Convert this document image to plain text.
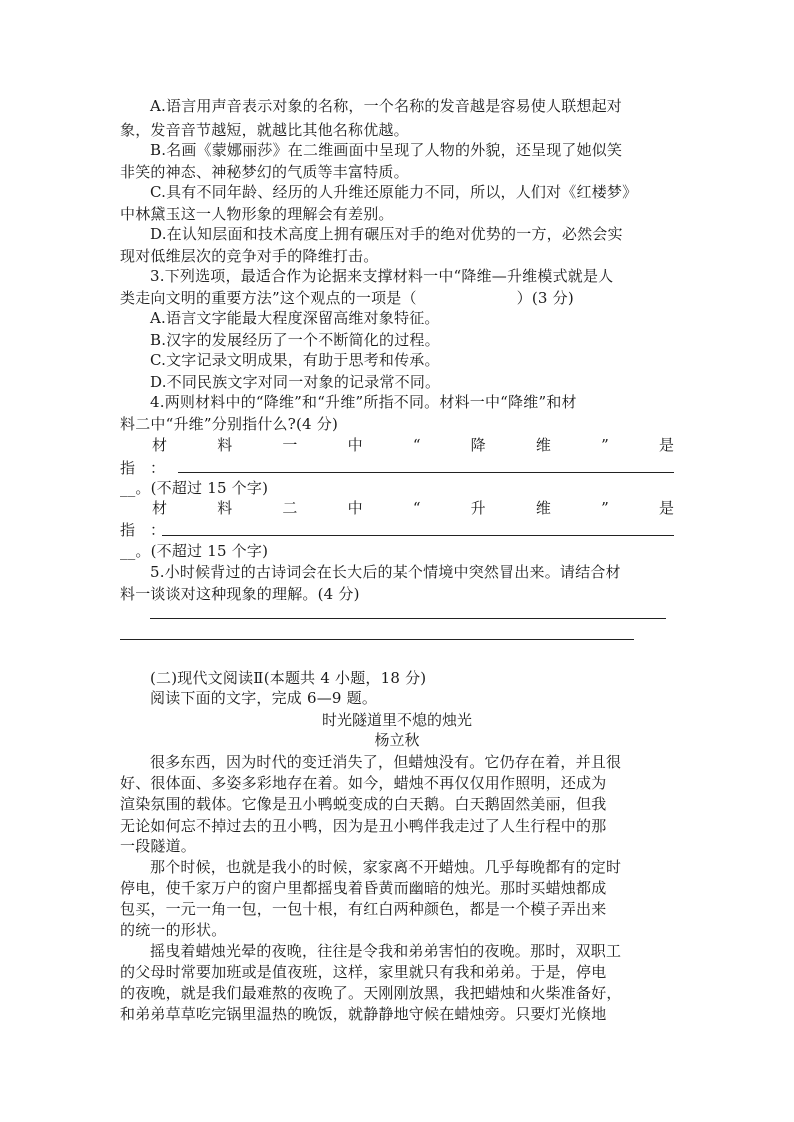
A.语言用声音表示对象的名称，一个名称的发音越是容易使人联想起对
象，发音音节越短，就越比其他名称优越。
B.名画《蒙娜丽莎》在二维画面中呈现了人物的外貌，还呈现了她似笑
非笑的神态、神秘梦幻的气质等丰富特质。
C.具有不同年龄、经历的人升维还原能力不同，所以，人们对《红楼梦》
中林黛玉这一人物形象的理解会有差别。
D.在认知层面和技术高度上拥有碾压对手的绝对优势的一方，必然会实
现对低维层次的竞争对手的降维打击。
3.下列选项，最适合作为论据来支撑材料一中“降维—升维模式就是人
类走向文明的重要方法”这个观点的一项是（	）(3 分)
A.语言文字能最大程度深留高维对象特征。
B.汉字的发展经历了一个不断简化的过程。
C.文字记录文明成果，有助于思考和传承。
D.不同民族文字对同一对象的记录常不同。
4.两则材料中的“降维”和“升维”所指不同。材料一中“降维”和材
料二中“升维”分别指什么?(4 分)
材	料	一	中	“	降	维	”	是
指 ：
__。(不超过 15 个字)
材	料	二	中	“	升	维	”	是
指 ：
__。(不超过 15 个字)
5.小时候背过的古诗词会在长大后的某个情境中突然冒出来。请结合材
料一谈谈对这种现象的理解。(4 分)
(二)现代文阅读Ⅱ(本题共 4 小题，18 分)
阅读下面的文字，完成 6—9 题。
时光隧道里不熄的烛光
杨立秋
很多东西，因为时代的变迁消失了，但蜡烛没有。它仍存在着，并且很
好、很体面、多姿多彩地存在着。如今，蜡烛不再仅仅用作照明，还成为
渲染氛围的载体。它像是丑小鸭蜕变成的白天鹅。白天鹅固然美丽，但我
无论如何忘不掉过去的丑小鸭，因为是丑小鸭伴我走过了人生行程中的那
一段隧道。
那个时候，也就是我小的时候，家家离不开蜡烛。几乎每晚都有的定时
停电，使千家万户的窗户里都摇曳着昏黄而幽暗的烛光。那时买蜡烛都成
包买，一元一角一包，一包十根，有红白两种颜色，都是一个模子弄出来
的统一的形状。
摇曳着蜡烛光晕的夜晚，往往是令我和弟弟害怕的夜晚。那时，双职工
的父母时常要加班或是值夜班，这样，家里就只有我和弟弟。于是，停电
的夜晚，就是我们最难熬的夜晚了。天刚刚放黑，我把蜡烛和火柴准备好，
和弟弟草草吃完锅里温热的晚饭，就静静地守候在蜡烛旁。只要灯光倏地
